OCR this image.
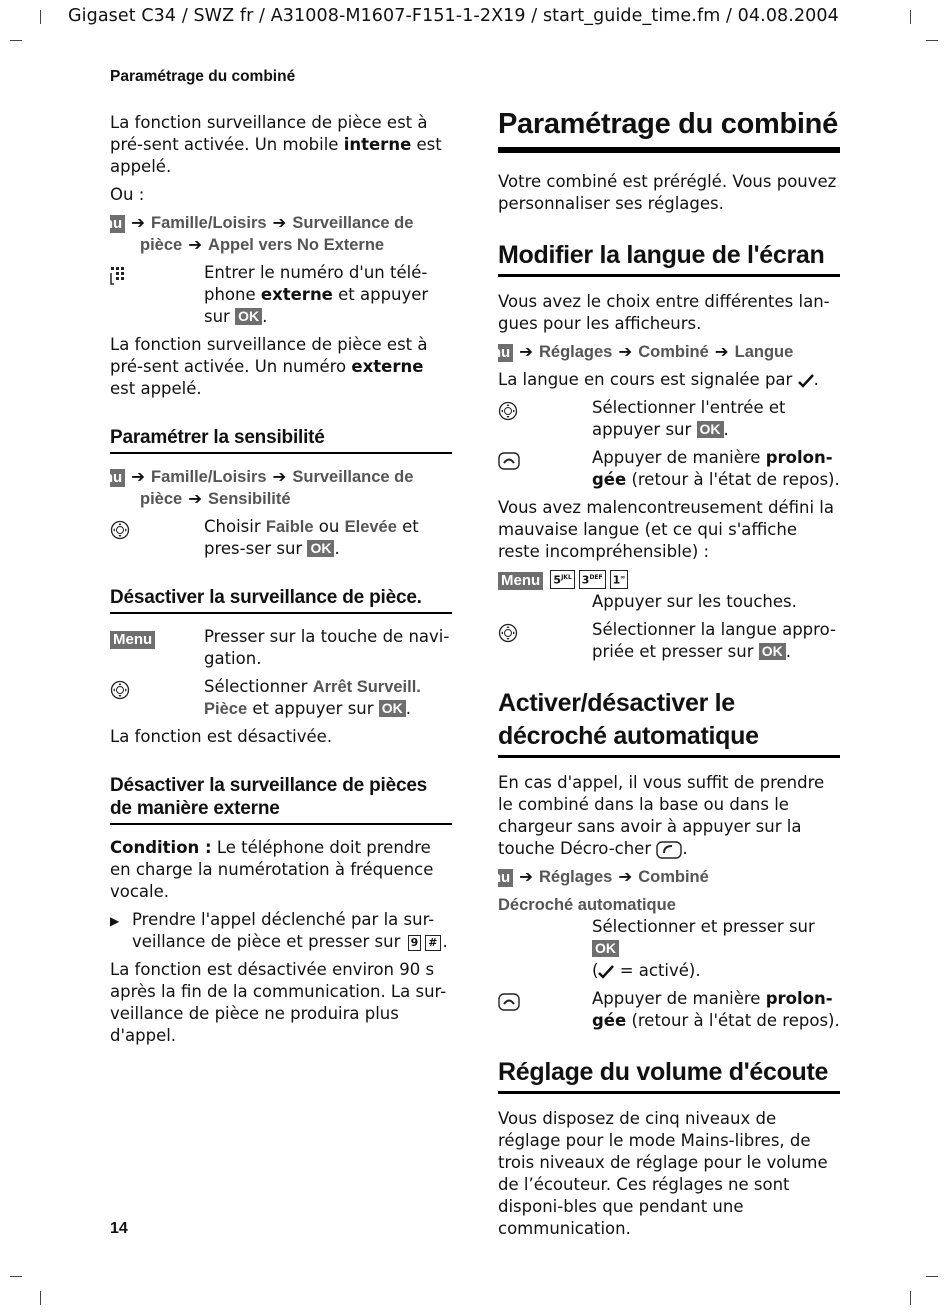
Gigaset C34 / SWZ fr / A31008-M1607-F151-1-2X19 / start_guide_time.fm / 04.08.2004
Paramétrage du combiné

La fonction surveillance de pièce est à pré-sent activée. Un mobile interne est appelé.

Ou :

Menu ➔ Famille/Loisirs ➔ Surveillance de pièce ➔ Appel vers No Externe
Entrer le numéro d'un télé-phone externe et appuyer sur OK .

La fonction surveillance de pièce est à pré-sent activée. Un numéro externe est appelé.

Paramétrer la sensibilité
Menu ➔ Famille/Loisirs ➔ Surveillance de pièce ➔ Sensibilité
Choisir Faible ou Elevée et pres-ser sur OK .
Désactiver la surveillance de pièce.
Menu	Presser sur la touche de navi-gation.
Sélectionner Arrêt Surveill. Pièce et appuyer sur OK .

La fonction est désactivée.

Désactiver la surveillance de pièces de manière externe

Condition : Le téléphone doit prendre en charge la numérotation à fréquence vocale.

▶ Prendre l'appel déclenché par la sur-veillance de pièce et presser sur 9 # .

La fonction est désactivée environ 90 s après la fin de la communication. La sur-veillance de pièce ne produira plus d'appel.

Paramétrage du combiné

Votre combiné est préréglé. Vous pouvez personnaliser ses réglages.

Modifier la langue de l'écran

Vous avez le choix entre différentes lan-gues pour les afficheurs.

Menu ➔ Réglages ➔ Combiné ➔ Langue

La langue en cours est signalée par .

Sélectionner l'entrée et appuyer sur OK .
Appuyer de manière prolon-gée (retour à l'état de repos).

Vous avez malencontreusement défini la mauvaise langue (et ce qui s'affiche reste incompréhensible) :

Menu $5^{JKL}$ $3^{DEF}$ 1∞
Appuyer sur les touches.
Sélectionner la langue appro-priée et presser sur OK .
Activer/désactiver le décroché automatique

En cas d'appel, il vous suffit de prendre le combiné dans la base ou dans le chargeur sans avoir à appuyer sur la touche Décro-cher .

Menu ➔ Réglages ➔ Combiné
Décroché automatique
Sélectionner et presser sur OK
( = activé).
Appuyer de manière prolon-gée (retour à l'état de repos).
Réglage du volume d'écoute

Vous disposez de cinq niveaux de réglage pour le mode Mains-libres, de trois niveaux de réglage pour le volume de l’écouteur. Ces réglages ne sont disponi-bles que pendant une communication.

14
